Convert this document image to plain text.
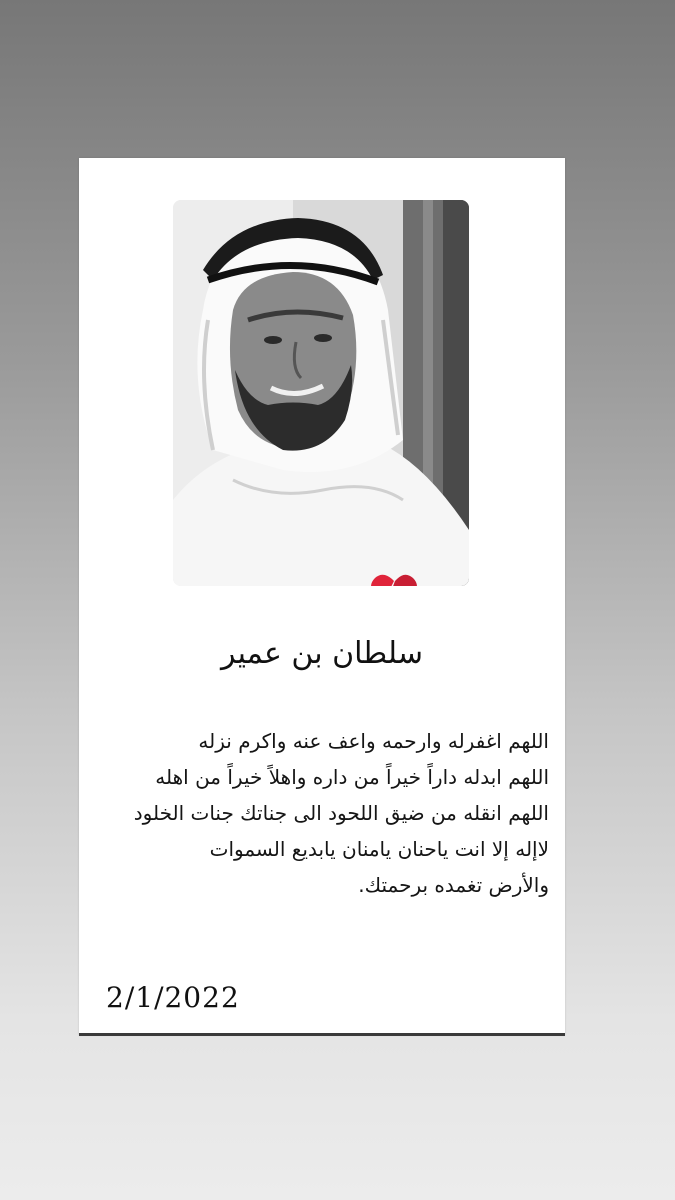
سلطان بن عمير
اللهم اغفرله وارحمه واعف عنه واكرم نزله
اللهم ابدله داراً خيراً من داره واهلاً خيراً من اهله
اللهم انقله من ضيق اللحود الى جناتك جنات الخلود
لاإله إلا انت ياحنان يامنان يابديع السموات
والأرض تغمده برحمتك.
2/1/2022
